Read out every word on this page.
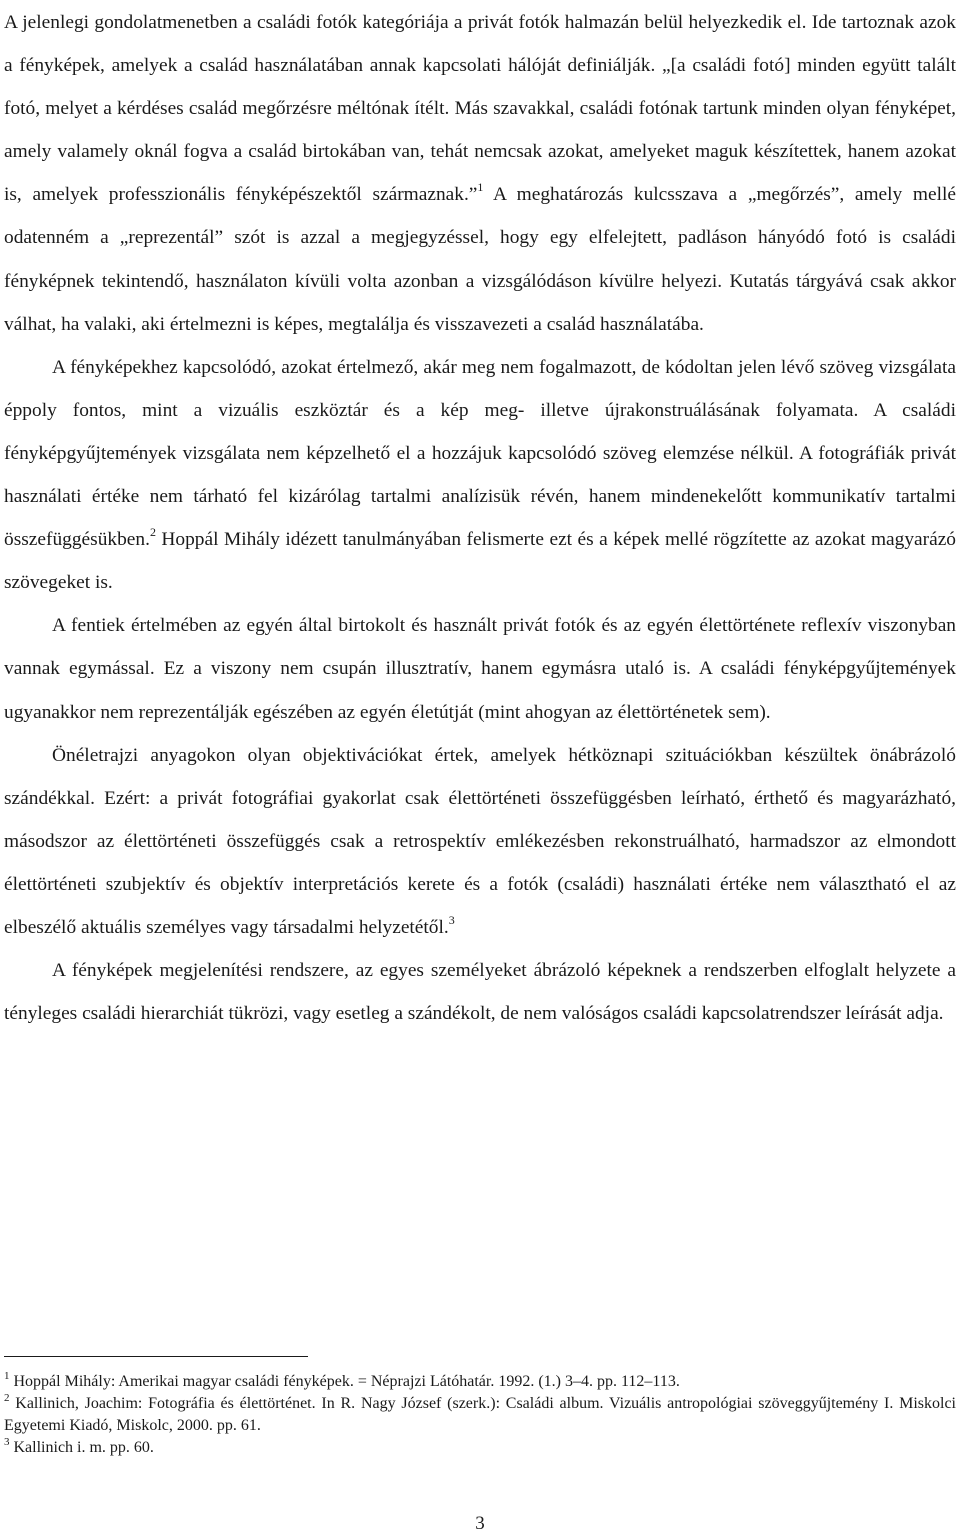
A jelenlegi gondolatmenetben a családi fotók kategóriája a privát fotók halmazán belül helyezkedik el. Ide tartoznak azok a fényképek, amelyek a család használatában annak kapcsolati hálóját definiálják. „[a családi fotó] minden együtt talált fotó, melyet a kérdéses család megőrzésre méltónak ítélt. Más szavakkal, családi fotónak tartunk minden olyan fényképet, amely valamely oknál fogva a család birtokában van, tehát nemcsak azokat, amelyeket maguk készítettek, hanem azokat is, amelyek professzionális fényképészektől származnak.”$^1$ A meghatározás kulcsszava a „megőrzés”, amely mellé odatenném a „reprezentál” szót is azzal a megjegyzéssel, hogy egy elfelejtett, padláson hányódó fotó is családi fényképnek tekintendő, használaton kívüli volta azonban a vizsgálódáson kívülre helyezi. Kutatás tárgyává csak akkor válhat, ha valaki, aki értelmezni is képes, megtalálja és visszavezeti a család használatába.

A fényképekhez kapcsolódó, azokat értelmező, akár meg nem fogalmazott, de kódoltan jelen lévő szöveg vizsgálata éppoly fontos, mint a vizuális eszköztár és a kép meg- illetve újrakonstruálásának folyamata. A családi fényképgyűjtemények vizsgálata nem képzelhető el a hozzájuk kapcsolódó szöveg elemzése nélkül. A fotográfiák privát használati értéke nem tárható fel kizárólag tartalmi analízisük révén, hanem mindenekelőtt kommunikatív tartalmi összefüggésükben.$^2$ Hoppál Mihály idézett tanulmányában felismerte ezt és a képek mellé rögzítette az azokat magyarázó szövegeket is.

A fentiek értelmében az egyén által birtokolt és használt privát fotók és az egyén élettörténete reflexív viszonyban vannak egymással. Ez a viszony nem csupán illusztratív, hanem egymásra utaló is. A családi fényképgyűjtemények ugyanakkor nem reprezentálják egészében az egyén életútját (mint ahogyan az élettörténetek sem).

Önéletrajzi anyagokon olyan objektivációkat értek, amelyek hétköznapi szituációkban készültek önábrázoló szándékkal. Ezért: a privát fotográfiai gyakorlat csak élettörténeti összefüggésben leírható, érthető és magyarázható, másodszor az élettörténeti összefüggés csak a retrospektív emlékezésben rekonstruálható, harmadszor az elmondott élettörténeti szubjektív és objektív interpretációs kerete és a fotók (családi) használati értéke nem választható el az elbeszélő aktuális személyes vagy társadalmi helyzetétől.$^3$

A fényképek megjelenítési rendszere, az egyes személyeket ábrázoló képeknek a rendszerben elfoglalt helyzete a tényleges családi hierarchiát tükrözi, vagy esetleg a szándékolt, de nem valóságos családi kapcsolatrendszer leírását adja.

$^1$ Hoppál Mihály: Amerikai magyar családi fényképek. = Néprajzi Látóhatár. 1992. (1.) 3–4. pp. 112–113.

$^2$ Kallinich, Joachim: Fotográfia és élettörténet. In R. Nagy József (szerk.): Családi album. Vizuális antropológiai szöveggyűjtemény I. Miskolci Egyetemi Kiadó, Miskolc, 2000. pp. 61.

$^3$ Kallinich i. m. pp. 60.

3
